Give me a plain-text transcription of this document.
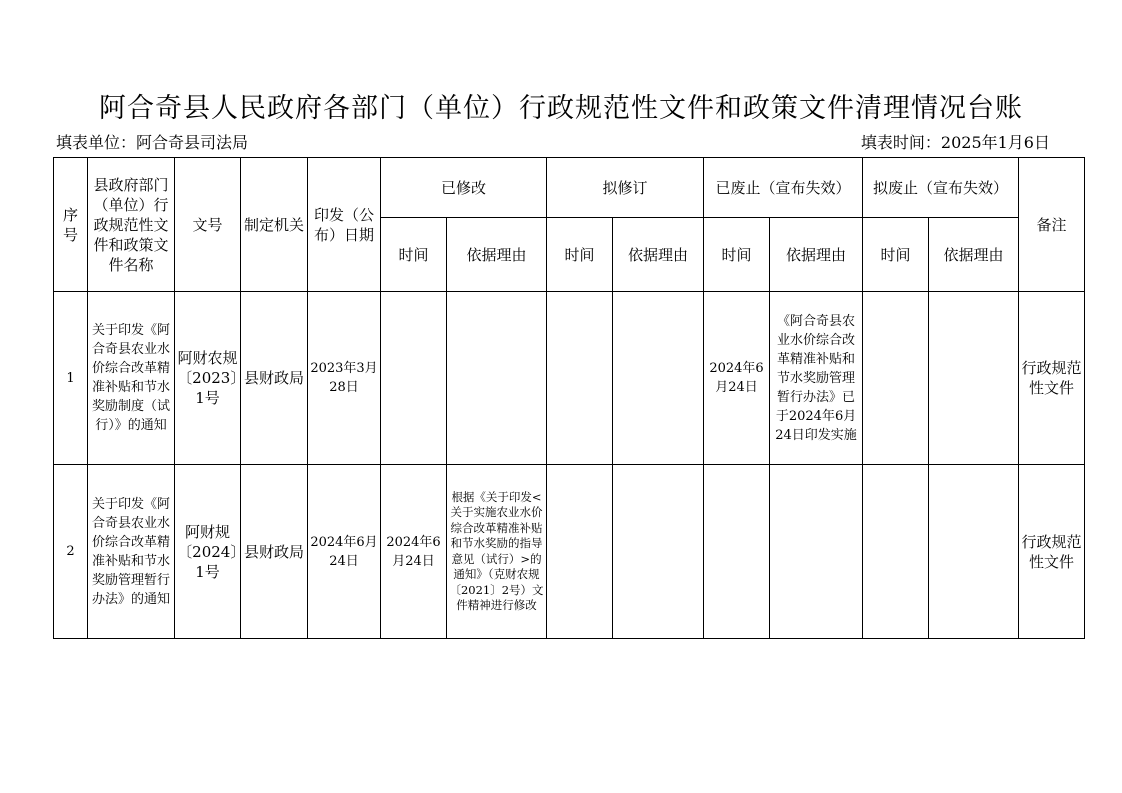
阿合奇县人民政府各部门（单位）行政规范性文件和政策文件清理情况台账
填表单位：阿合奇县司法局	填表时间：2025年1月6日
序号	县政府部门（单位）行政规范性文件和政策文件名称	文号	制定机关	印发（公布）日期	已修改		拟修订		已废止（宣布失效）		拟废止（宣布失效）		备注
					时间	依据理由	时间	依据理由	时间	依据理由	时间	依据理由	
1	关于印发《阿合奇县农业水价综合改革精准补贴和节水奖励制度（试行）》的通知	阿财农规〔2023〕1号	县财政局	2023年3月28日					2024年6月24日	《阿合奇县农业水价综合改革精准补贴和节水奖励管理暂行办法》已于2024年6月24日印发实施			行政规范性文件
2	关于印发《阿合奇县农业水价综合改革精准补贴和节水奖励管理暂行办法》的通知	阿财规〔2024〕1号	县财政局	2024年6月24日	2024年6月24日	根据《关于印发<关于实施农业水价综合改革精准补贴和节水奖励的指导意见（试行）>的通知》（克财农规〔2021〕2号）文件精神进行修改							行政规范性文件
